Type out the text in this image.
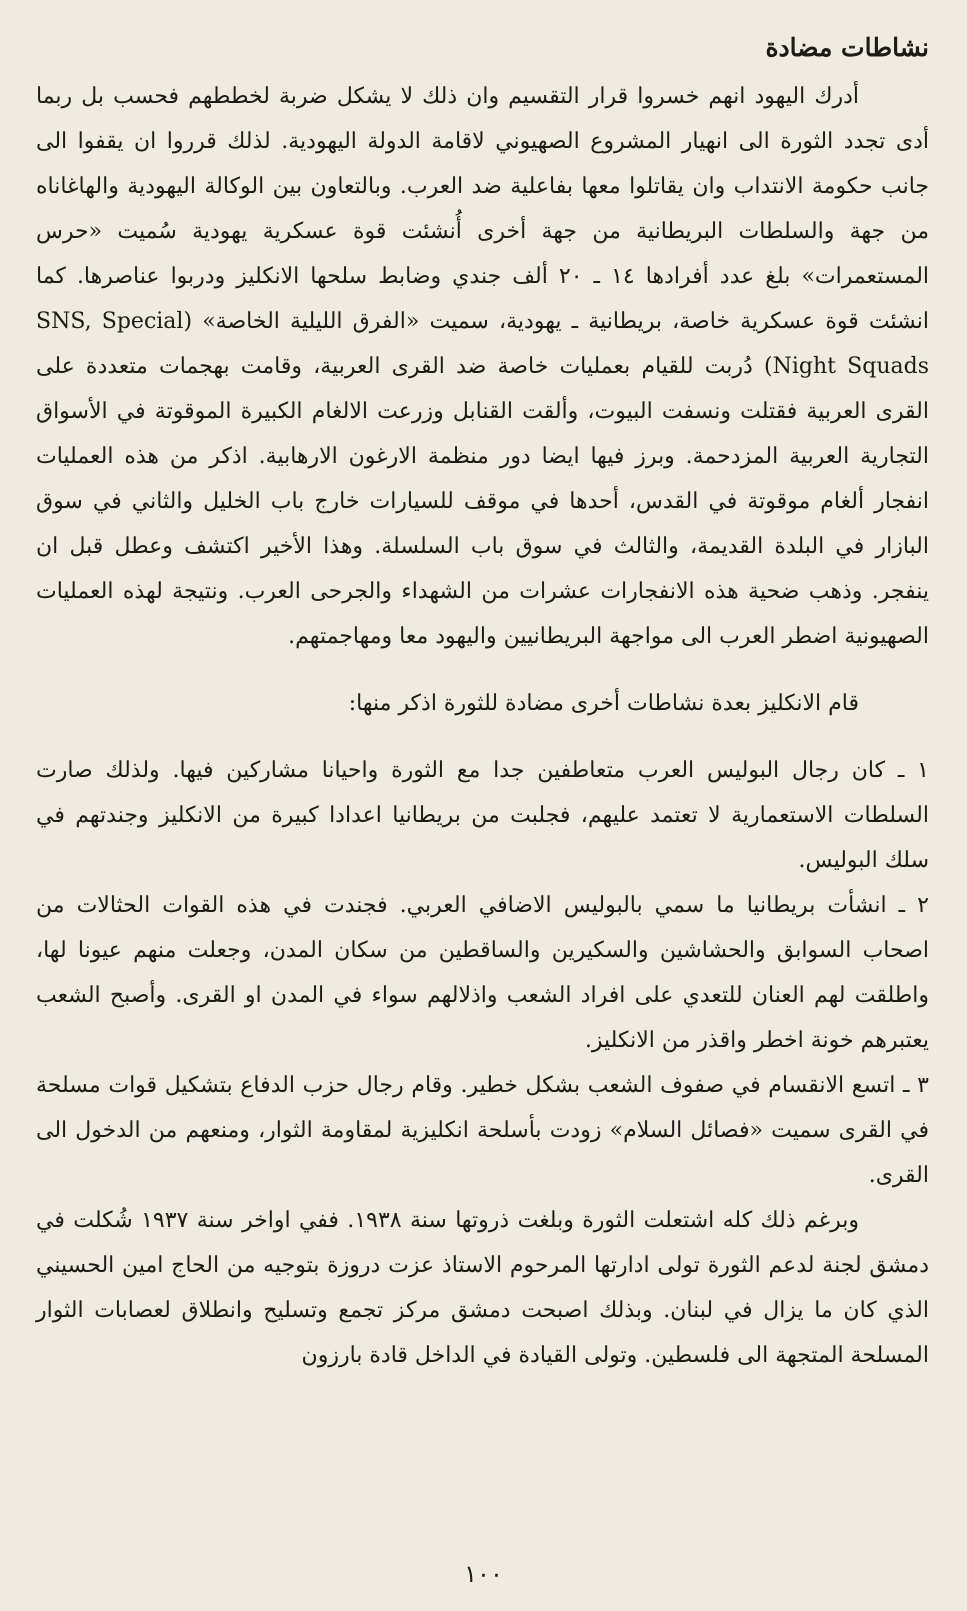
نشاطات مضادة

أدرك اليهود انهم خسروا قرار التقسيم وان ذلك لا يشكل ضربة لخططهم فحسب بل ربما أدى تجدد الثورة الى انهيار المشروع الصهيوني لاقامة الدولة اليهودية. لذلك قرروا ان يقفوا الى جانب حكومة الانتداب وان يقاتلوا معها بفاعلية ضد العرب. وبالتعاون بين الوكالة اليهودية والهاغاناه من جهة والسلطات البريطانية من جهة أخرى أُنشئت قوة عسكرية يهودية سُميت «حرس المستعمرات» بلغ عدد أفرادها ١٤ ـ ٢٠ ألف جندي وضابط سلحها الانكليز ودربوا عناصرها. كما انشئت قوة عسكرية خاصة، بريطانية ـ يهودية، سميت «الفرق الليلية الخاصة» (SNS, Special Night Squads) دُربت للقيام بعمليات خاصة ضد القرى العربية، وقامت بهجمات متعددة على القرى العربية فقتلت ونسفت البيوت، وألقت القنابل وزرعت الالغام الكبيرة الموقوتة في الأسواق التجارية العربية المزدحمة. وبرز فيها ايضا دور منظمة الارغون الارهابية. اذكر من هذه العمليات انفجار ألغام موقوتة في القدس، أحدها في موقف للسيارات خارج باب الخليل والثاني في سوق البازار في البلدة القديمة، والثالث في سوق باب السلسلة. وهذا الأخير اكتشف وعطل قبل ان ينفجر. وذهب ضحية هذه الانفجارات عشرات من الشهداء والجرحى العرب. ونتيجة لهذه العمليات الصهيونية اضطر العرب الى مواجهة البريطانيين واليهود معا ومهاجمتهم.

قام الانكليز بعدة نشاطات أخرى مضادة للثورة اذكر منها:

١ ـ كان رجال البوليس العرب متعاطفين جدا مع الثورة واحيانا مشاركين فيها. ولذلك صارت السلطات الاستعمارية لا تعتمد عليهم، فجلبت من بريطانيا اعدادا كبيرة من الانكليز وجندتهم في سلك البوليس.

٢ ـ انشأت بريطانيا ما سمي بالبوليس الاضافي العربي. فجندت في هذه القوات الحثالات من اصحاب السوابق والحشاشين والسكيرين والساقطين من سكان المدن، وجعلت منهم عيونا لها، واطلقت لهم العنان للتعدي على افراد الشعب واذلالهم سواء في المدن او القرى. وأصبح الشعب يعتبرهم خونة اخطر واقذر من الانكليز.

٣ ـ اتسع الانقسام في صفوف الشعب بشكل خطير. وقام رجال حزب الدفاع بتشكيل قوات مسلحة في القرى سميت «فصائل السلام» زودت بأسلحة انكليزية لمقاومة الثوار، ومنعهم من الدخول الى القرى.

وبرغم ذلك كله اشتعلت الثورة وبلغت ذروتها سنة ١٩٣٨. ففي اواخر سنة ١٩٣٧ شُكلت في دمشق لجنة لدعم الثورة تولى ادارتها المرحوم الاستاذ عزت دروزة بتوجيه من الحاج امين الحسيني الذي كان ما يزال في لبنان. وبذلك اصبحت دمشق مركز تجمع وتسليح وانطلاق لعصابات الثوار المسلحة المتجهة الى فلسطين. وتولى القيادة في الداخل قادة بارزون

١٠٠
